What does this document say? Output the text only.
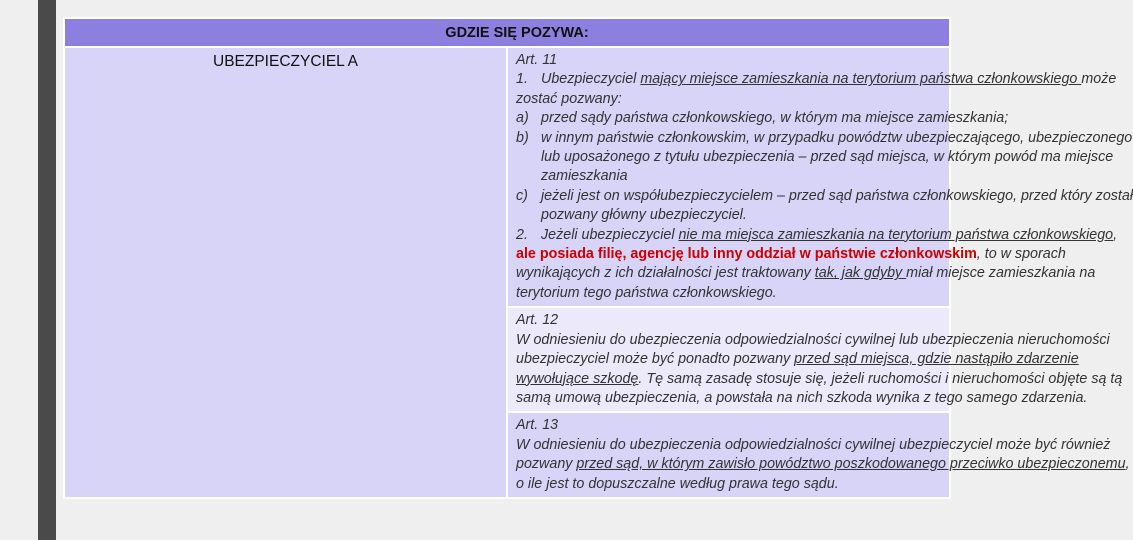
GDZIE SIĘ POZYWA:
UBEZPIECZYCIEL A	Art. 11
1. Ubezpieczyciel mający miejsce zamieszkania na terytorium państwa członkowskiego może
zostać pozwany:
a) przed sądy państwa członkowskiego, w którym ma miejsce zamieszkania;
b) w innym państwie członkowskim, w przypadku powództw ubezpieczającego, ubezpieczonego
lub uposażonego z tytułu ubezpieczenia – przed sąd miejsca, w którym powód ma miejsce
zamieszkania
c) jeżeli jest on współubezpieczycielem – przed sąd państwa członkowskiego, przed który został
pozwany główny ubezpieczyciel.
2. Jeżeli ubezpieczyciel nie ma miejsca zamieszkania na terytorium państwa członkowskiego,
ale posiada filię, agencję lub inny oddział w państwie członkowskim, to w sporach
wynikających z ich działalności jest traktowany tak, jak gdyby miał miejsce zamieszkania na
terytorium tego państwa członkowskiego.

Art. 12
W odniesieniu do ubezpieczenia odpowiedzialności cywilnej lub ubezpieczenia nieruchomości
ubezpieczyciel może być ponadto pozwany przed sąd miejsca, gdzie nastąpiło zdarzenie
wywołujące szkodę. Tę samą zasadę stosuje się, jeżeli ruchomości i nieruchomości objęte są tą
samą umową ubezpieczenia, a powstała na nich szkoda wynika z tego samego zdarzenia.

Art. 13
W odniesieniu do ubezpieczenia odpowiedzialności cywilnej ubezpieczyciel może być również
pozwany przed sąd, w którym zawisło powództwo poszkodowanego przeciwko ubezpieczonemu,
o ile jest to dopuszczalne według prawa tego sądu.
